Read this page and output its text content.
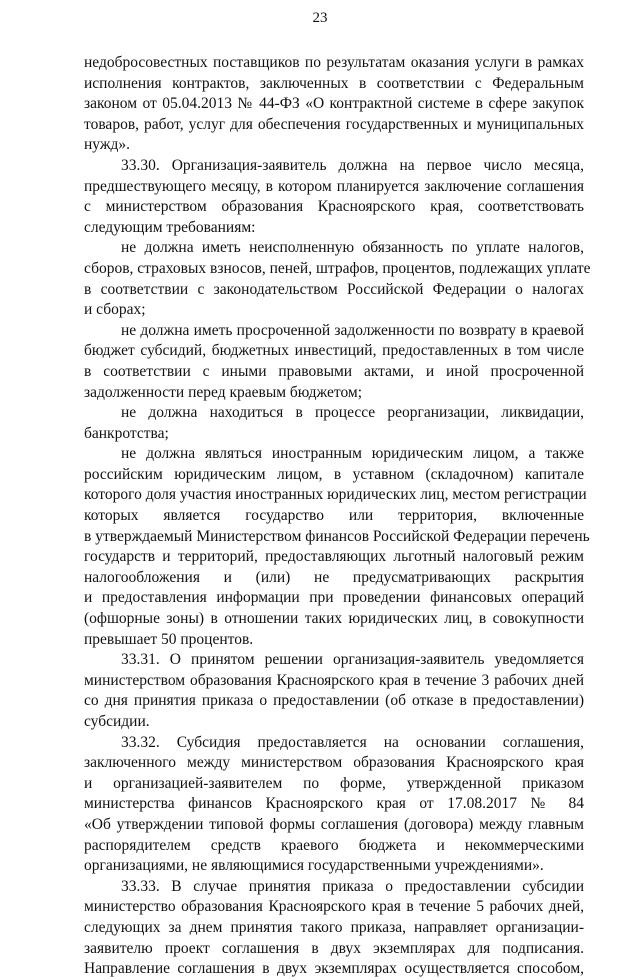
23
недобросовестных поставщиков по результатам оказания услуги в рамках
исполнения контрактов, заключенных в соответствии с Федеральным
законом от 05.04.2013 № 44-ФЗ «О контрактной системе в сфере закупок
товаров, работ, услуг для обеспечения государственных и муниципальных
нужд».
33.30. Организация-заявитель должна на первое число месяца,
предшествующего месяцу, в котором планируется заключение соглашения
с министерством образования Красноярского края, соответствовать
следующим требованиям:
не должна иметь неисполненную обязанность по уплате налогов,
сборов, страховых взносов, пеней, штрафов, процентов, подлежащих уплате
в соответствии с законодательством Российской Федерации о налогах
и сборах;
не должна иметь просроченной задолженности по возврату в краевой
бюджет субсидий, бюджетных инвестиций, предоставленных в том числе
в соответствии с иными правовыми актами, и иной просроченной
задолженности перед краевым бюджетом;
не должна находиться в процессе реорганизации, ликвидации,
банкротства;
не должна являться иностранным юридическим лицом, а также
российским юридическим лицом, в уставном (складочном) капитале
которого доля участия иностранных юридических лиц, местом регистрации
которых является государство или территория, включенные
в утверждаемый Министерством финансов Российской Федерации перечень
государств и территорий, предоставляющих льготный налоговый режим
налогообложения и (или) не предусматривающих раскрытия
и предоставления информации при проведении финансовых операций
(офшорные зоны) в отношении таких юридических лиц, в совокупности
превышает 50 процентов.
33.31. О принятом решении организация-заявитель уведомляется
министерством образования Красноярского края в течение 3 рабочих дней
со дня принятия приказа о предоставлении (об отказе в предоставлении)
субсидии.
33.32. Субсидия предоставляется на основании соглашения,
заключенного между министерством образования Красноярского края
и организацией-заявителем по форме, утвержденной приказом
министерства финансов Красноярского края от 17.08.2017 № 84
«Об утверждении типовой формы соглашения (договора) между главным
распорядителем средств краевого бюджета и некоммерческими
организациями, не являющимися государственными учреждениями».
33.33. В случае принятия приказа о предоставлении субсидии
министерство образования Красноярского края в течение 5 рабочих дней,
следующих за днем принятия такого приказа, направляет организации-
заявителю проект соглашения в двух экземплярах для подписания.
Направление соглашения в двух экземплярах осуществляется способом,
